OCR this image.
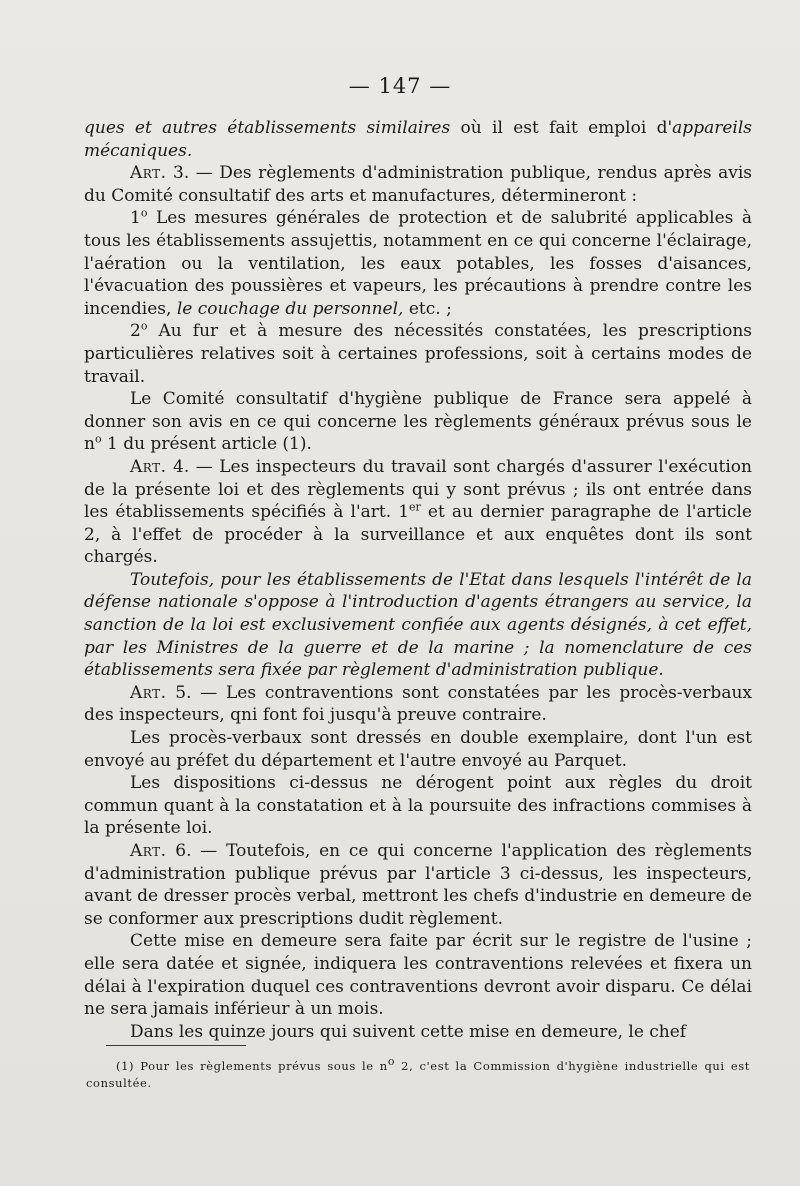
— 147 —

ques et autres établissements similaires où il est fait emploi d'appareils mécaniques.

Art. 3. — Des règlements d'administration publique, rendus après avis du Comité consultatif des arts et manufactures, détermineront :

1$^o$ Les mesures générales de protection et de salubrité applicables à tous les établissements assujettis, notamment en ce qui concerne l'éclairage, l'aération ou la ventilation, les eaux potables, les fosses d'aisances, l'évacuation des poussières et vapeurs, les précautions à prendre contre les incendies, le couchage du personnel, etc. ;

2$^o$ Au fur et à mesure des nécessités constatées, les prescriptions particulières relatives soit à certaines professions, soit à certains modes de travail.

Le Comité consultatif d'hygiène publique de France sera appelé à donner son avis en ce qui concerne les règlements généraux prévus sous le $n^o$ 1 du présent article (1).

Art. 4. — Les inspecteurs du travail sont chargés d'assurer l'exécution de la présente loi et des règlements qui y sont prévus ; ils ont entrée dans les établissements spécifiés à l'art. 1er et au dernier paragraphe de l'article 2, à l'effet de procéder à la surveillance et aux enquêtes dont ils sont chargés.

Toutefois, pour les établissements de l'Etat dans lesquels l'intérêt de la défense nationale s'oppose à l'introduction d'agents étrangers au service, la sanction de la loi est exclusivement confiée aux agents désignés, à cet effet, par les Ministres de la guerre et de la marine ; la nomenclature de ces établissements sera fixée par règlement d'administration publique.

Art. 5. — Les contraventions sont constatées par les procès-verbaux des inspecteurs, qni font foi jusqu'à preuve contraire.

Les procès-verbaux sont dressés en double exemplaire, dont l'un est envoyé au préfet du département et l'autre envoyé au Parquet.

Les dispositions ci-dessus ne dérogent point aux règles du droit commun quant à la constatation et à la poursuite des infractions commises à la présente loi.

Art. 6. — Toutefois, en ce qui concerne l'application des règlements d'administration publique prévus par l'article 3 ci-dessus, les inspecteurs, avant de dresser procès verbal, mettront les chefs d'industrie en demeure de se conformer aux prescriptions dudit règlement.

Cette mise en demeure sera faite par écrit sur le registre de l'usine ; elle sera datée et signée, indiquera les contraventions relevées et fixera un délai à l'expiration duquel ces contraventions devront avoir disparu. Ce délai ne sera jamais inférieur à un mois.

Dans les quinze jours qui suivent cette mise en demeure, le chef

(1) Pour les règlements prévus sous le no 2, c'est la Commission d'hygiène industrielle qui est consultée.
